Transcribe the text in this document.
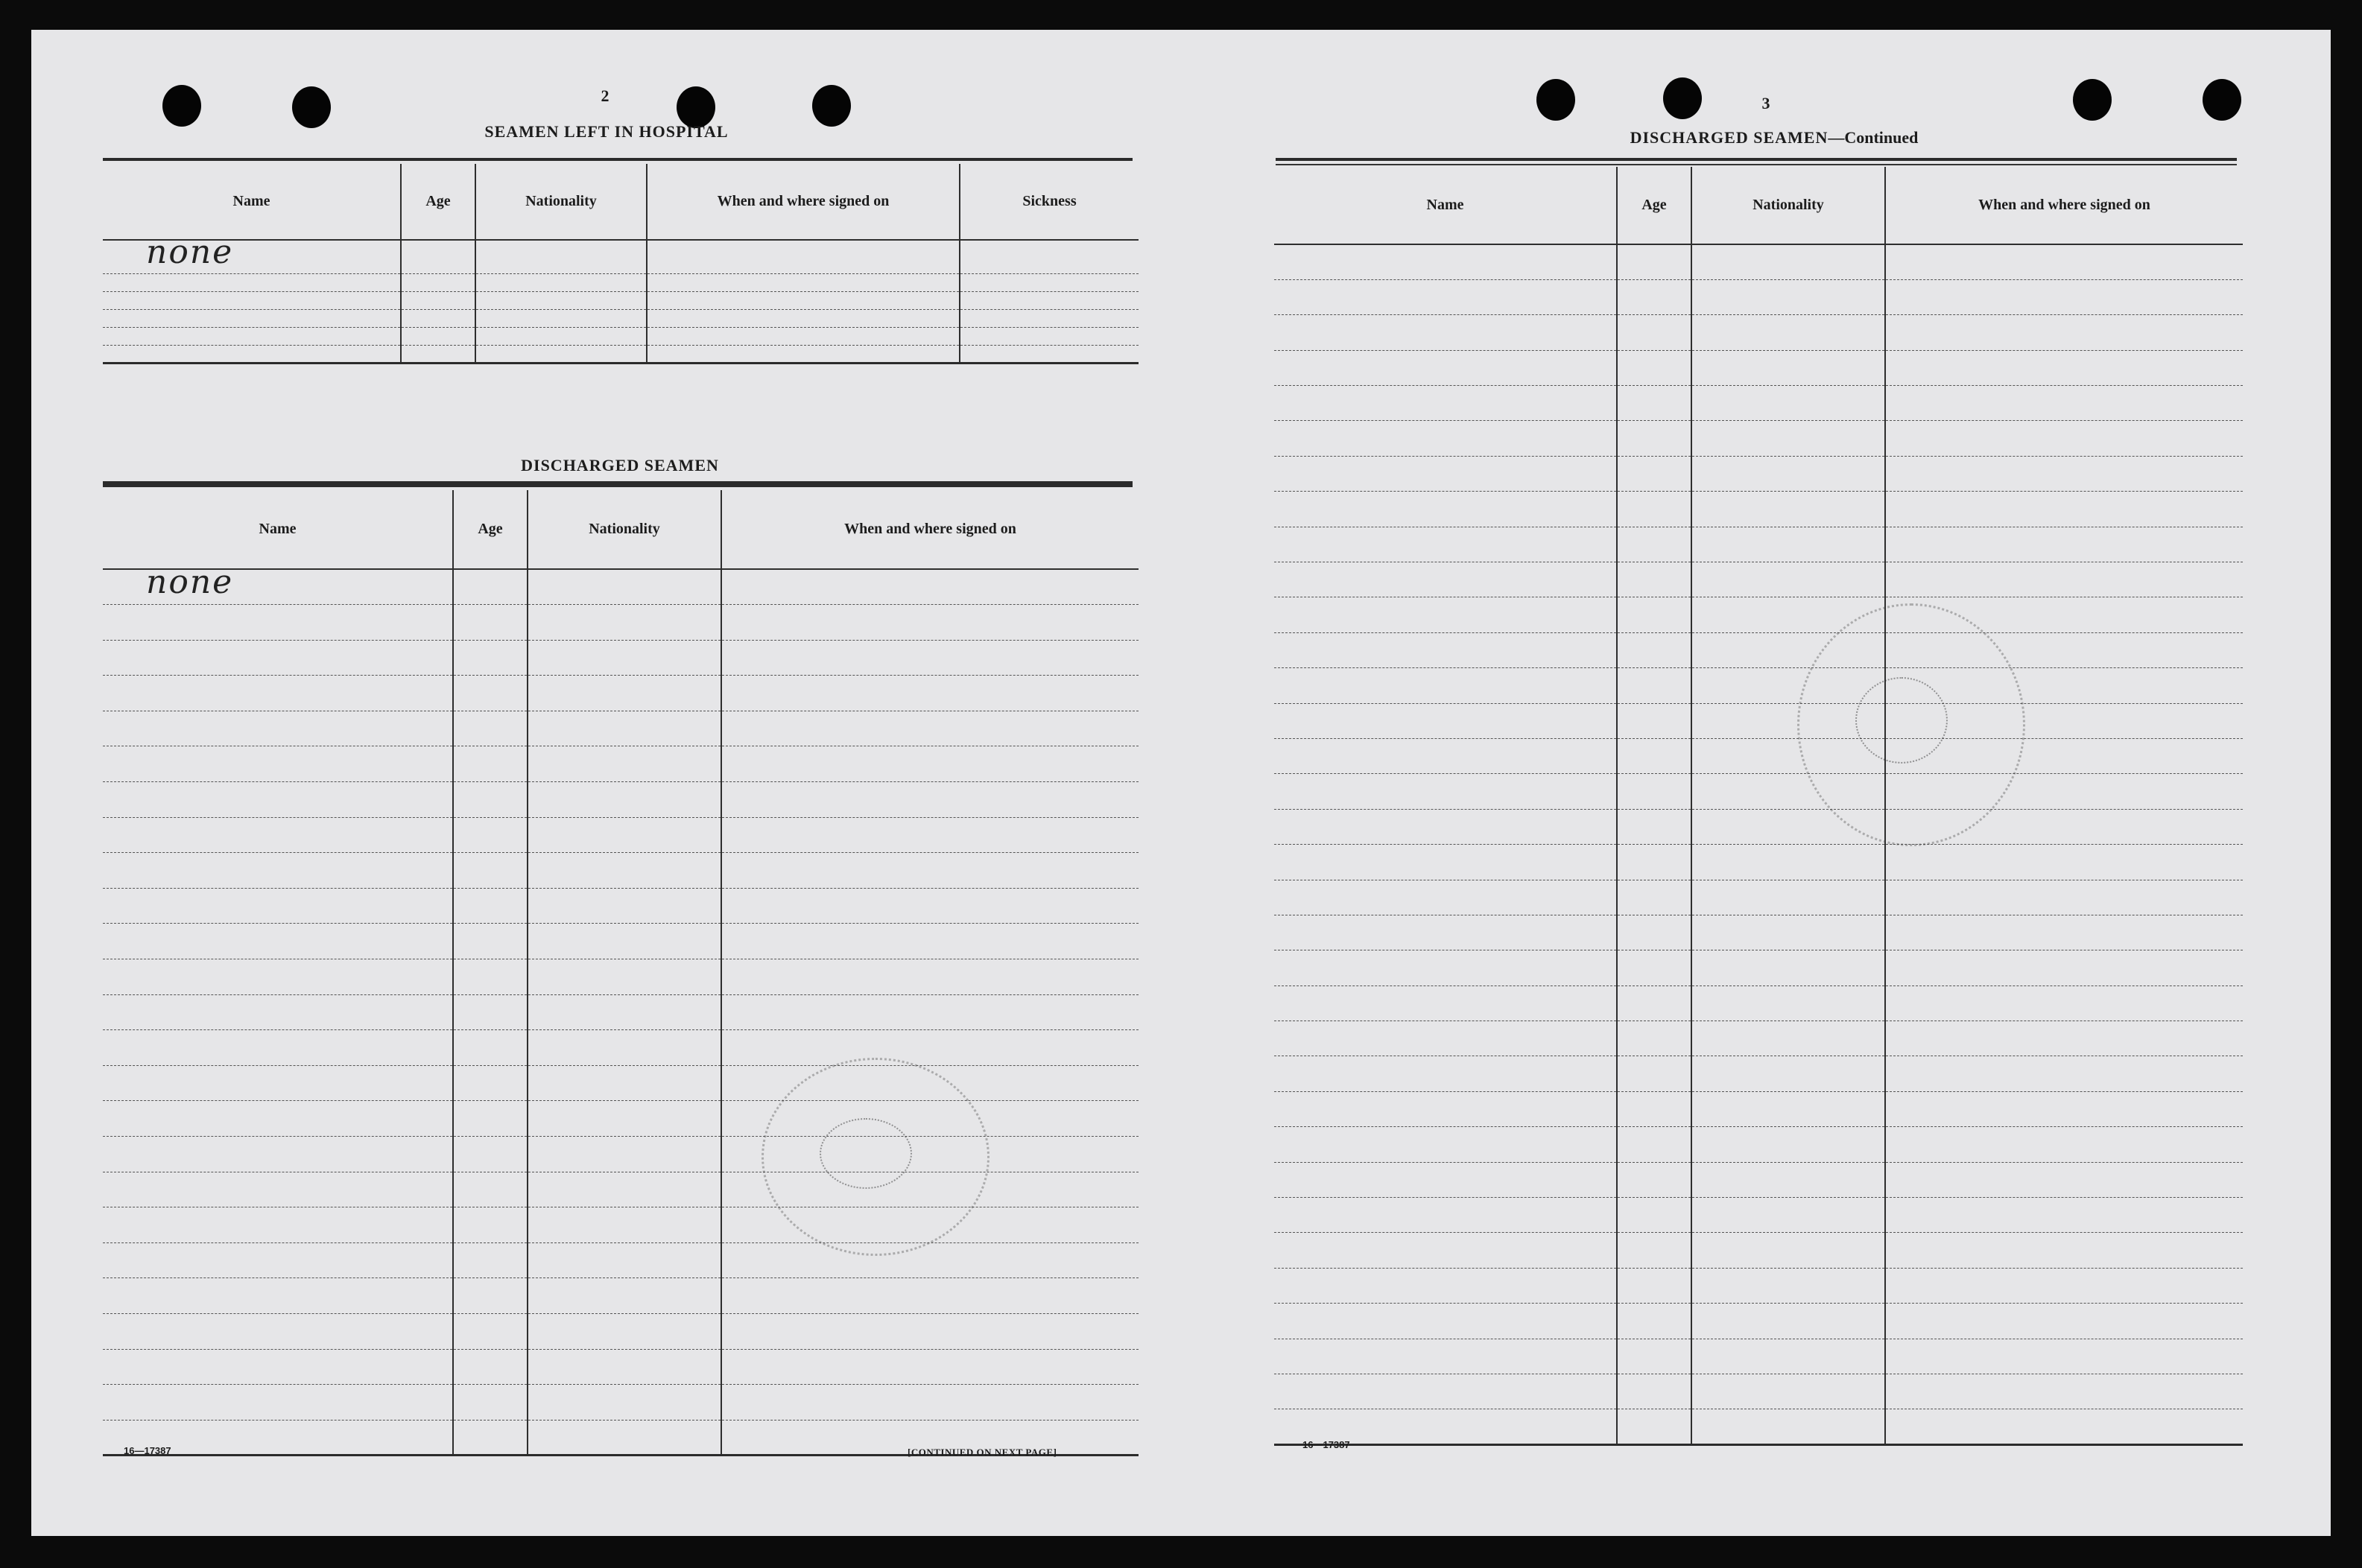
2
SEAMEN LEFT IN HOSPITAL
Name	Age	Nationality	When and where signed on	Sickness
none				

DISCHARGED SEAMEN
Name	Age	Nationality	When and where signed on
none			

16—17387	[CONTINUED ON NEXT PAGE]
3
DISCHARGED SEAMEN—Continued
Name	Age	Nationality	When and where signed on

16—17387
